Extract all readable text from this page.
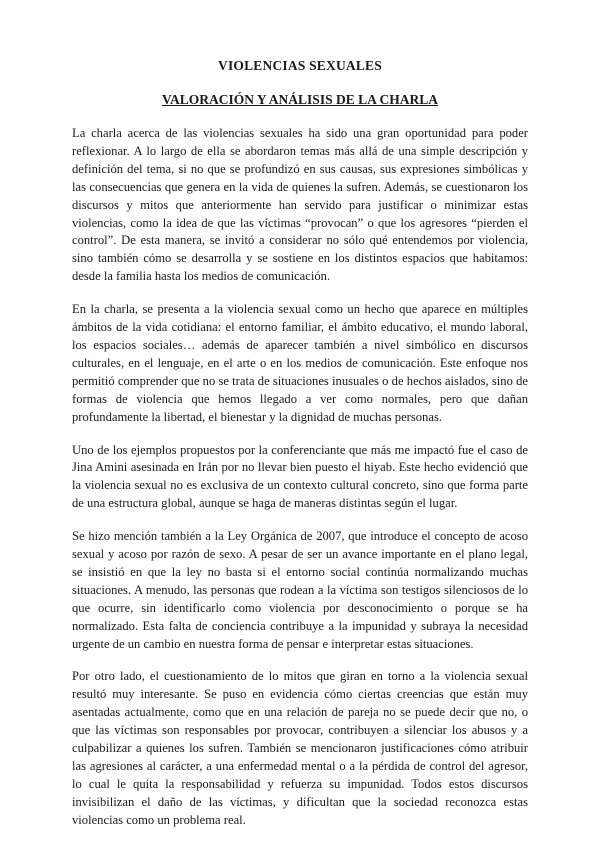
VIOLENCIAS SEXUALES
VALORACIÓN Y ANÁLISIS DE LA CHARLA

La charla acerca de las violencias sexuales ha sido una gran oportunidad para poder reflexionar. A lo largo de ella se abordaron temas más allá de una simple descripción y definición del tema, si no que se profundizó en sus causas, sus expresiones simbólicas y las consecuencias que genera en la vida de quienes la sufren. Además, se cuestionaron los discursos y mitos que anteriormente han servido para justificar o minimizar estas violencias, como la idea de que las víctimas “provocan” o que los agresores “pierden el control”. De esta manera, se invitó a considerar no sólo qué entendemos por violencia, sino también cómo se desarrolla y se sostiene en los distintos espacios que habitamos: desde la familia hasta los medios de comunicación.

En la charla, se presenta a la violencia sexual como un hecho que aparece en múltiples ámbitos de la vida cotidiana: el entorno familiar, el ámbito educativo, el mundo laboral, los espacios sociales… además de aparecer también a nivel simbólico en discursos culturales, en el lenguaje, en el arte o en los medios de comunicación. Este enfoque nos permitió comprender que no se trata de situaciones inusuales o de hechos aislados, sino de formas de violencia que hemos llegado a ver como normales, pero que dañan profundamente la libertad, el bienestar y la dignidad de muchas personas.

Uno de los ejemplos propuestos por la conferenciante que más me impactó fue el caso de Jina Amini asesinada en Irán por no llevar bien puesto el hiyab. Este hecho evidenció que la violencia sexual no es exclusiva de un contexto cultural concreto, sino que forma parte de una estructura global, aunque se haga de maneras distintas según el lugar.

Se hizo mención también a la Ley Orgánica de 2007, que introduce el concepto de acoso sexual y acoso por razón de sexo. A pesar de ser un avance importante en el plano legal, se insistió en que la ley no basta si el entorno social continúa normalizando muchas situaciones. A menudo, las personas que rodean a la víctima son testigos silenciosos de lo que ocurre, sin identificarlo como violencia por desconocimiento o porque se ha normalizado. Esta falta de conciencia contribuye a la impunidad y subraya la necesidad urgente de un cambio en nuestra forma de pensar e interpretar estas situaciones.

Por otro lado, el cuestionamiento de lo mitos que giran en torno a la violencia sexual resultó muy interesante. Se puso en evidencia cómo ciertas creencias que están muy asentadas actualmente, como que en una relación de pareja no se puede decir que no, o que las víctimas son responsables por provocar, contribuyen a silenciar los abusos y a culpabilizar a quienes los sufren. También se mencionaron justificaciones cómo atribuir las agresiones al carácter, a una enfermedad mental o a la pérdida de control del agresor, lo cual le quita la responsabilidad y refuerza su impunidad. Todos estos discursos invisibilizan el daño de las víctimas, y dificultan que la sociedad reconozca estas violencias como un problema real.
